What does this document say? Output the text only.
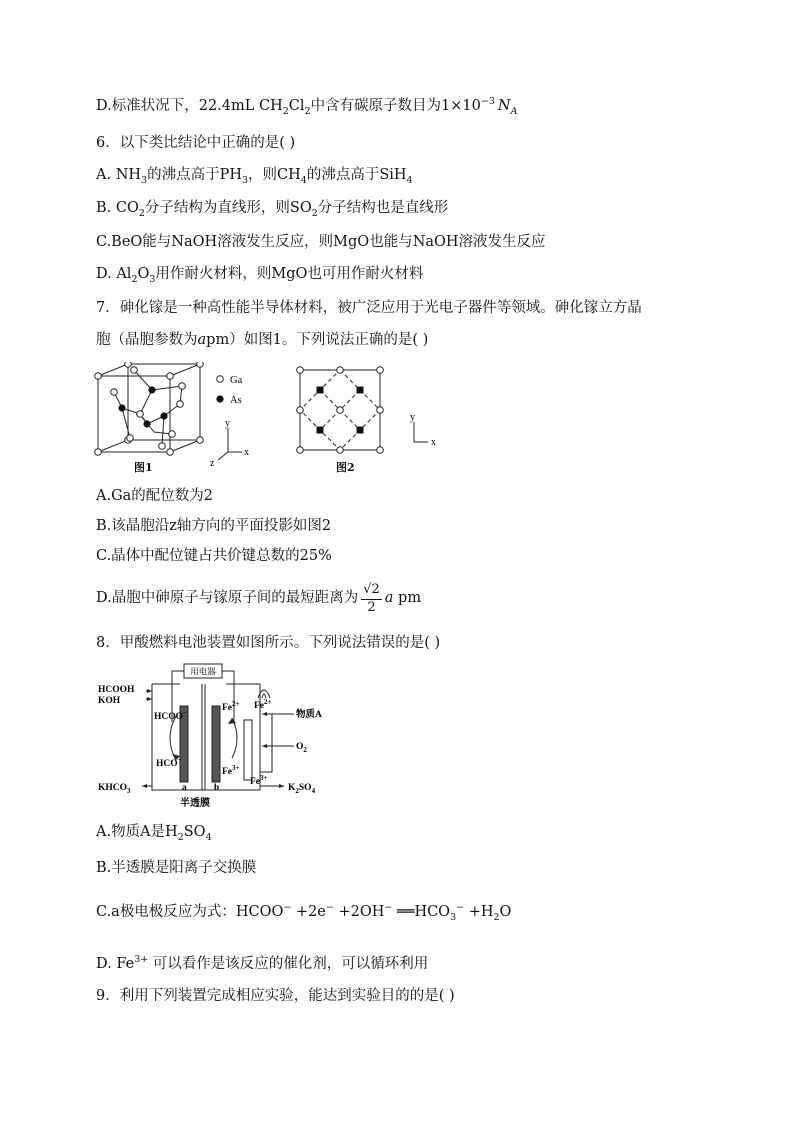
D.标准状况下，22.4mL $CH_2Cl_2$中含有碳原子数目为$1\times 10^{-3}$ $N_A$
6．以下类比结论中正确的是( )
A. $NH_3$的沸点高于$PH_3$，则$CH_4$的沸点高于SiH$_4$
B. $CO_2$分子结构为直线形，则$SO_2$分子结构也是直线形
C.BeO能与NaOH溶液发生反应，则MgO也能与NaOH溶液发生反应
D. $Al_2O_3$用作耐火材料，则MgO也可用作耐火材料
7．砷化镓是一种高性能半导体材料，被广泛应用于光电子器件等领域。砷化镓立方晶
胞（晶胞参数为apm）如图1。下列说法正确的是( )
Ga
As
y
x
z
图1
y
x
图2
A.Ga的配位数为2
B.该晶胞沿z轴方向的平面投影如图2
C.晶体中配位键占共价键总数的25%
D.晶胞中砷原子与镓原子间的最短距离为 $\frac{√2}{2}$ a pm
8．甲酸燃料电池装置如图所示。下列说法错误的是( )
用电器
HCOOH
KOH
HCOO−
HCO−
$Fe^{2+}$
$Fe^{3+}$
$Fe^{2+}$
$Fe^{3+}$
a	b
$KHCO_3$
物质A
$O_2$
$K_2SO_4$
半透膜
A.物质A是$H_2SO_4$
B.半透膜是阳离子交换膜
C.a极电极反应为式：HCOO− +2e− +2OH− $══HCO_3^- +H_2O$
D. $Fe^{3+}$ 可以看作是该反应的催化剂，可以循环利用
9．利用下列装置完成相应实验，能达到实验目的的是( )
